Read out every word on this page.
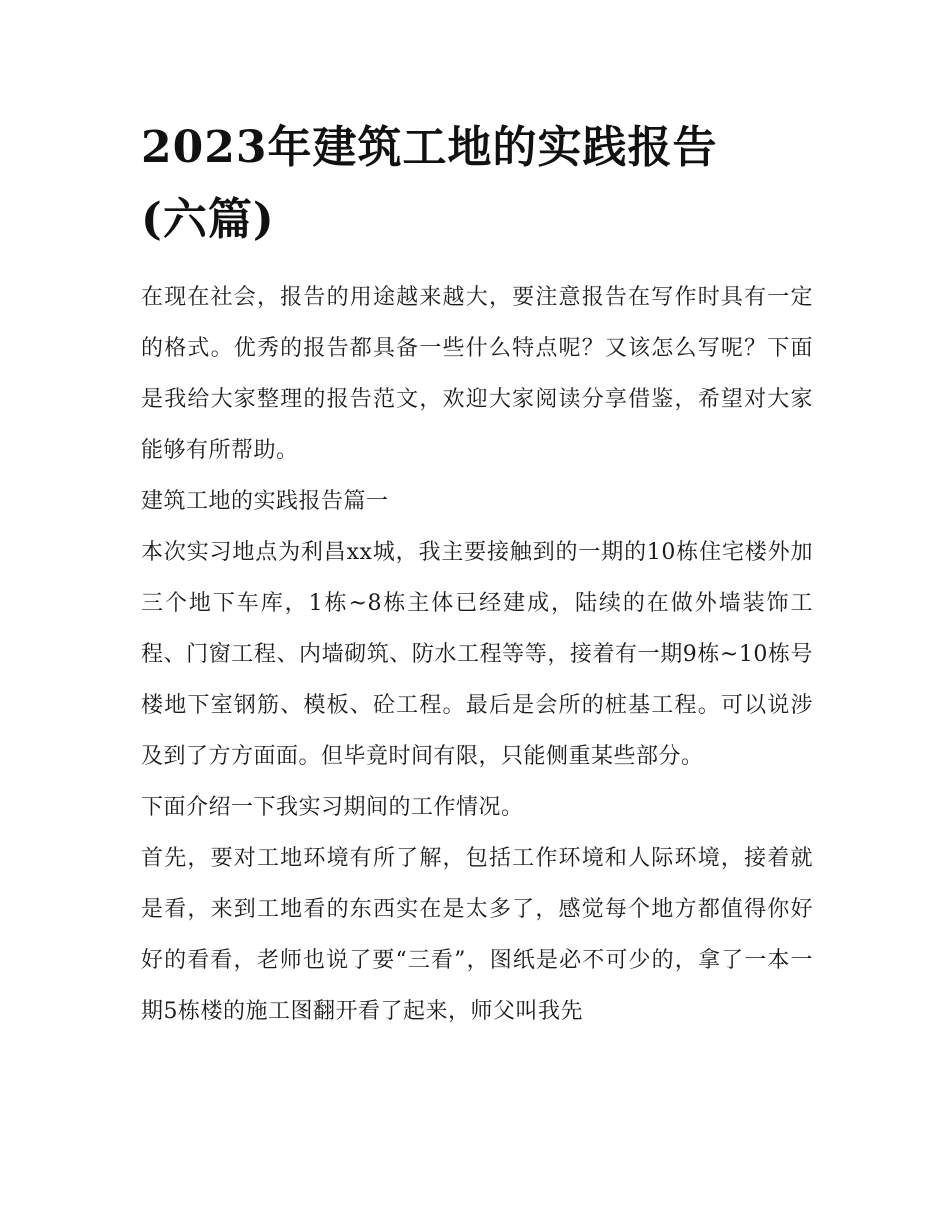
2023年建筑工地的实践报告
(六篇)

在现在社会，报告的用途越来越大，要注意报告在写作时具有一定的格式。优秀的报告都具备一些什么特点呢？又该怎么写呢？下面是我给大家整理的报告范文，欢迎大家阅读分享借鉴，希望对大家能够有所帮助。

建筑工地的实践报告篇一

本次实习地点为利昌xx城，我主要接触到的一期的10栋住宅楼外加三个地下车库，1栋~8栋主体已经建成，陆续的在做外墙装饰工程、门窗工程、内墙砌筑、防水工程等等，接着有一期9栋~10栋号楼地下室钢筋、模板、砼工程。最后是会所的桩基工程。可以说涉及到了方方面面。但毕竟时间有限，只能侧重某些部分。

下面介绍一下我实习期间的工作情况。

首先，要对工地环境有所了解，包括工作环境和人际环境，接着就是看，来到工地看的东西实在是太多了，感觉每个地方都值得你好好的看看，老师也说了要“三看”，图纸是必不可少的，拿了一本一期5栋楼的施工图翻开看了起来，师父叫我先
